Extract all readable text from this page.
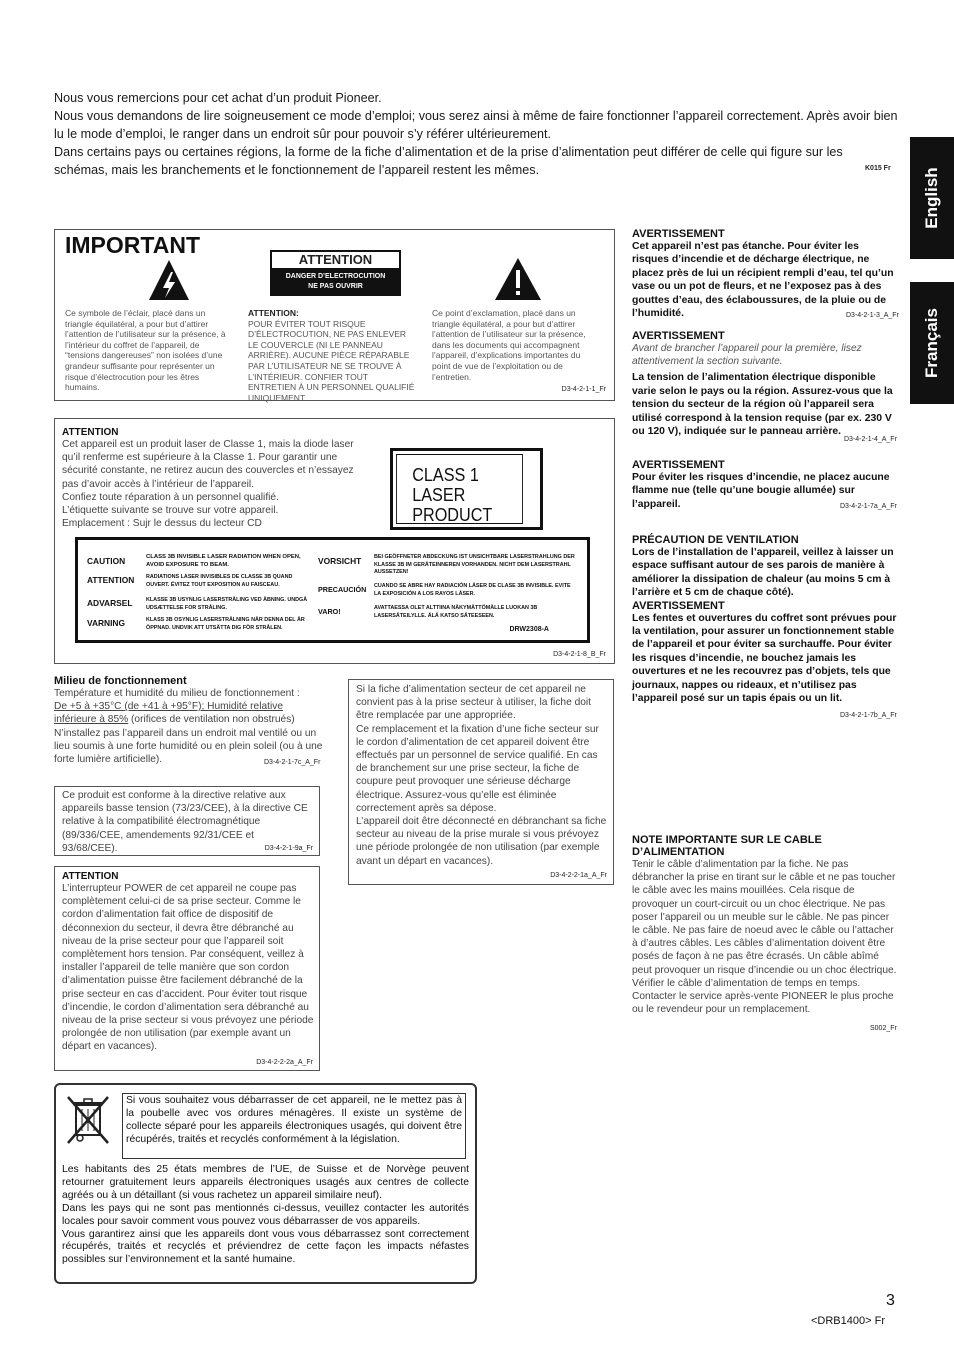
Nous vous remercions pour cet achat d’un produit Pioneer.
Nous vous demandons de lire soigneusement ce mode d’emploi; vous serez ainsi à même de faire fonctionner l’appareil correctement. Après avoir bien lu le mode d’emploi, le ranger dans un endroit sûr pour pouvoir s’y référer ultérieurement.
Dans certains pays ou certaines régions, la forme de la fiche d’alimentation et de la prise d’alimentation peut différer de celle qui figure sur les schémas, mais les branchements et le fonctionnement de l’appareil restent les mêmes.	K015 Fr English
Français
IMPORTANT
ATTENTION
DANGER D’ELECTROCUTION
NE PAS OUVRIR
Ce symbole de l’éclair, placé dans un triangle équilatéral, a pour but d’attirer l’attention de l’utilisateur sur la présence, à l’intérieur du coffret de l’appareil, de “tensions dangereuses” non isolées d’une grandeur suffisante pour représenter un risque d’électrocution pour les êtres humains.
ATTENTION:
POUR ÉVITER TOUT RISQUE D’ÉLECTROCUTION, NE PAS ENLEVER LE COUVERCLE (NI LE PANNEAU ARRIÈRE). AUCUNE PIÈCE RÉPARABLE PAR L’UTILISATEUR NE SE TROUVE À L’INTÉRIEUR. CONFIER TOUT ENTRETIEN À UN PERSONNEL QUALIFIÉ UNIQUEMENT.
Ce point d’exclamation, placé dans un triangle équilatéral, a pour but d’attirer l’attention de l’utilisateur sur la présence, dans les documents qui accompagnent l’appareil, d’explications importantes du point de vue de l’exploitation ou de l’entretien.
D3-4-2-1-1_Fr
ATTENTION
Cet appareil est un produit laser de Classe 1, mais la diode laser qu’il renferme est supérieure à la Classe 1. Pour garantir une sécurité constante, ne retirez aucun des couvercles et n’essayez pas d’avoir accès à l’intérieur de l’appareil.
Confiez toute réparation à un personnel qualifié.
L’étiquette suivante se trouve sur votre appareil.
Emplacement : Sujr le dessus du lecteur CD
CLASS 1
LASER PRODUCT
D3-4-2-1-8_B_Fr
CAUTION	CLASS 3B INVISIBLE LASER RADIATION WHEN OPEN, AVOID EXPOSURE TO BEAM.
ATTENTION RADIATIONS LASER INVISIBLES DE CLASSE 3B QUAND OUVERT. ÉVITEZ TOUT EXPOSITION AU FAISCEAU.
ADVARSEL	KLASSE 3B USYNLIG LASERSTRÅLING VED ÅBNING. UNDGÅ UDSÆTTELSE FOR STRÅLING.
VARNING	KLASS 3B OSYNLIG LASERSTRÅLNING NÄR DENNA DEL ÄR ÖPPNAD. UNDVIK ATT UTSÄTTA DIG FÖR STRÅLEN.
VORSICHT BEI GEÖFFNETER ABDECKUNG IST UNSICHTBARE LASERSTRAHLUNG DER KLASSE 3B IM GERÄTEINNEREN VORHANDEN. NICHT DEM LASERSTRAHL AUSSETZEN!
PRECAUCIÓN CUANDO SE ABRE HAY RADIACIÓN LÁSER DE CLASE 3B INVISIBLE. EVITE LA EXPOSICIÓN A LOS RAYOS LÁSER.
VARO!	AVATTAESSA OLET ALTTIINA NÄKYMÄTTÖMÄLLE LUOKAN 3B LASERSÄTEILYLLE. ÄLÄ KATSO SÄTEESEEN.
DRW2308-A
Milieu de fonctionnement
Température et humidité du milieu de fonctionnement :
De +5 à +35°C (de +41 à +95°F); Humidité relative
inférieure à 85% (orifices de ventilation non obstrués)
N’installez pas l’appareil dans un endroit mal ventilé ou un lieu soumis à une forte humidité ou en plein soleil (ou à une forte lumière artificielle).	D3-4-2-1-7c_A_Fr
Ce produit est conforme à la directive relative aux appareils basse tension (73/23/CEE), à la directive CE relative à la compatibilité électromagnétique (89/336/CEE, amendements 92/31/CEE et 93/68/CEE).	D3-4-2-1-9a_Fr
ATTENTION
L’interrupteur POWER de cet appareil ne coupe pas complètement celui-ci de sa prise secteur. Comme le cordon d’alimentation fait office de dispositif de déconnexion du secteur, il devra être débranché au niveau de la prise secteur pour que l’appareil soit complètement hors tension. Par conséquent, veillez à installer l’appareil de telle manière que son cordon d’alimentation puisse être facilement débranché de la prise secteur en cas d’accident. Pour éviter tout risque d’incendie, le cordon d’alimentation sera débranché au niveau de la prise secteur si vous prévoyez une période prolongée de non utilisation (par exemple avant un départ en vacances).
D3-4-2-2-2a_A_Fr
Si la fiche d’alimentation secteur de cet appareil ne convient pas à la prise secteur à utiliser, la fiche doit être remplacée par une appropriée.
Ce remplacement et la fixation d’une fiche secteur sur le cordon d’alimentation de cet appareil doivent être effectués par un personnel de service qualifié. En cas de branchement sur une prise secteur, la fiche de coupure peut provoquer une sérieuse décharge électrique. Assurez-vous qu’elle est éliminée correctement après sa dépose.
L’appareil doit être déconnecté en débranchant sa fiche secteur au niveau de la prise murale si vous prévoyez une période prolongée de non utilisation (par exemple avant un départ en vacances).
D3-4-2-2-1a_A_Fr
Si vous souhaitez vous débarrasser de cet appareil, ne le mettez pas à la poubelle avec vos ordures ménagères. Il existe un système de collecte séparé pour les appareils électroniques usagés, qui doivent être récupérés, traités et recyclés conformément à la législation.
Les habitants des 25 états membres de l’UE, de Suisse et de Norvège peuvent retourner gratuitement leurs appareils électroniques usagés aux centres de collecte agréés ou à un détaillant (si vous rachetez un appareil similaire neuf).
Dans les pays qui ne sont pas mentionnés ci-dessus, veuillez contacter les autorités locales pour savoir comment vous pouvez vous débarrasser de vos appareils.
Vous garantirez ainsi que les appareils dont vous vous débarrassez sont correctement récupérés, traités et recyclés et préviendrez de cette façon les impacts néfastes possibles sur l’environnement et la santé humaine.
AVERTISSEMENT
Cet appareil n’est pas étanche. Pour éviter les risques d’incendie et de décharge électrique, ne placez près de lui un récipient rempli d’eau, tel qu’un vase ou un pot de fleurs, et ne l’exposez pas à des gouttes d’eau, des éclaboussures, de la pluie ou de l’humidité.	D3-4-2-1-3_A_Fr
AVERTISSEMENT
Avant de brancher l’appareil pour la première, lisez attentivement la section suivante.
La tension de l’alimentation électrique disponible varie selon le pays ou la région. Assurez-vous que la tension du secteur de la région où l’appareil sera utilisé correspond à la tension requise (par ex. 230 V ou 120 V), indiquée sur le panneau arrière.
D3-4-2-1-4_A_Fr
AVERTISSEMENT
Pour éviter les risques d’incendie, ne placez aucune flamme nue (telle qu’une bougie allumée) sur l’appareil.	D3-4-2-1-7a_A_Fr
PRÉCAUTION DE VENTILATION
Lors de l’installation de l’appareil, veillez à laisser un espace suffisant autour de ses parois de manière à améliorer la dissipation de chaleur (au moins 5 cm à l’arrière et 5 cm de chaque côté).
AVERTISSEMENT
Les fentes et ouvertures du coffret sont prévues pour la ventilation, pour assurer un fonctionnement stable de l’appareil et pour éviter sa surchauffe. Pour éviter les risques d’incendie, ne bouchez jamais les ouvertures et ne les recouvrez pas d’objets, tels que journaux, nappes ou rideaux, et n’utilisez pas l’appareil posé sur un tapis épais ou un lit.
D3-4-2-1-7b_A_Fr
NOTE IMPORTANTE SUR LE CABLE D’ALIMENTATION
Tenir le câble d’alimentation par la fiche. Ne pas débrancher la prise en tirant sur le câble et ne pas toucher le câble avec les mains mouillées. Cela risque de provoquer un court-circuit ou un choc électrique. Ne pas poser l’appareil ou un meuble sur le câble. Ne pas pincer le câble. Ne pas faire de noeud avec le câble ou l’attacher à d’autres câbles. Les câbles d’alimentation doivent être posés de façon à ne pas être écrasés. Un câble abîmé peut provoquer un risque d’incendie ou un choc électrique. Vérifier le câble d’alimentation de temps en temps. Contacter le service après-vente PIONEER le plus proche ou le revendeur pour un remplacement.
S002_Fr
3
<DRB1400> Fr
